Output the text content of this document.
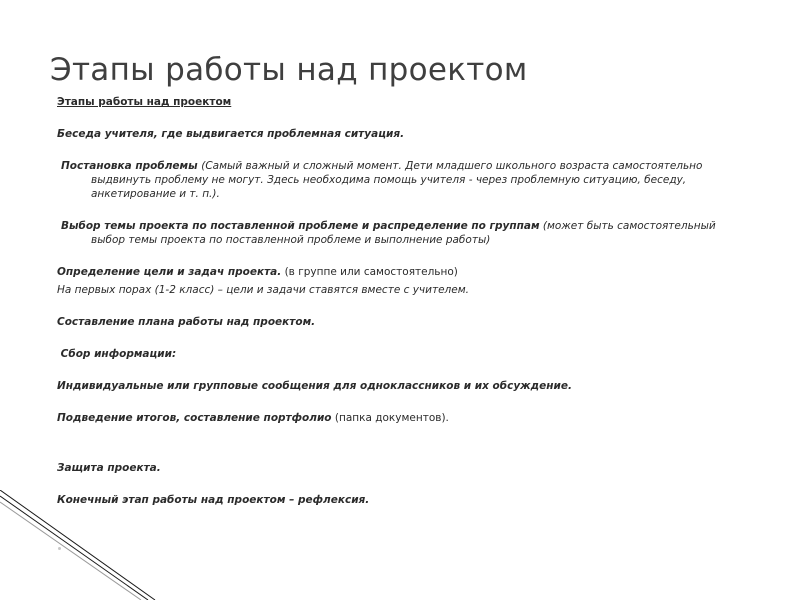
Этапы работы над проектом

Этапы работы над проектом

Беседа учителя, где выдвигается проблемная ситуация.

Постановка проблемы (Самый важный и сложный момент. Дети младшего школьного возраста самостоятельно выдвинуть проблему не могут. Здесь необходима помощь учителя - через проблемную ситуацию, беседу, анкетирование и т. п.).

Выбор темы проекта по поставленной проблеме и распределение по группам (может быть самостоятельный выбор темы проекта по поставленной проблеме и выполнение работы)

Определение цели и задач проекта. (в группе или самостоятельно)

На первых порах (1-2 класс) – цели и задачи ставятся вместе с учителем.

Составление плана работы над проектом.

Сбор информации:

Индивидуальные или групповые сообщения для одноклассников и их обсуждение.

Подведение итогов, составление портфолио (папка документов).

Защита проекта.

Конечный этап работы над проектом – рефлексия.
